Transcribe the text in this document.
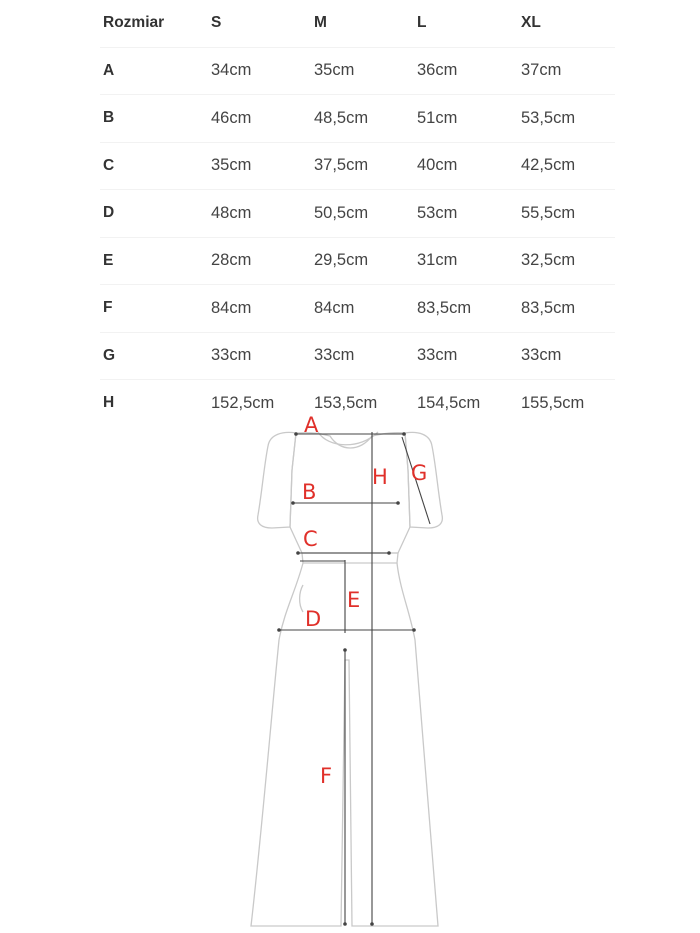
Rozmiar	S	M	L	XL
A	34cm	35cm	36cm	37cm
B	46cm	48,5cm	51cm	53,5cm
C	35cm	37,5cm	40cm	42,5cm
D	48cm	50,5cm	53cm	55,5cm
E	28cm	29,5cm	31cm	32,5cm
F	84cm	84cm	83,5cm	83,5cm
G	33cm	33cm	33cm	33cm
H	152,5cm	153,5cm	154,5cm	155,5cm
A
H G
B
C
E
D
F
